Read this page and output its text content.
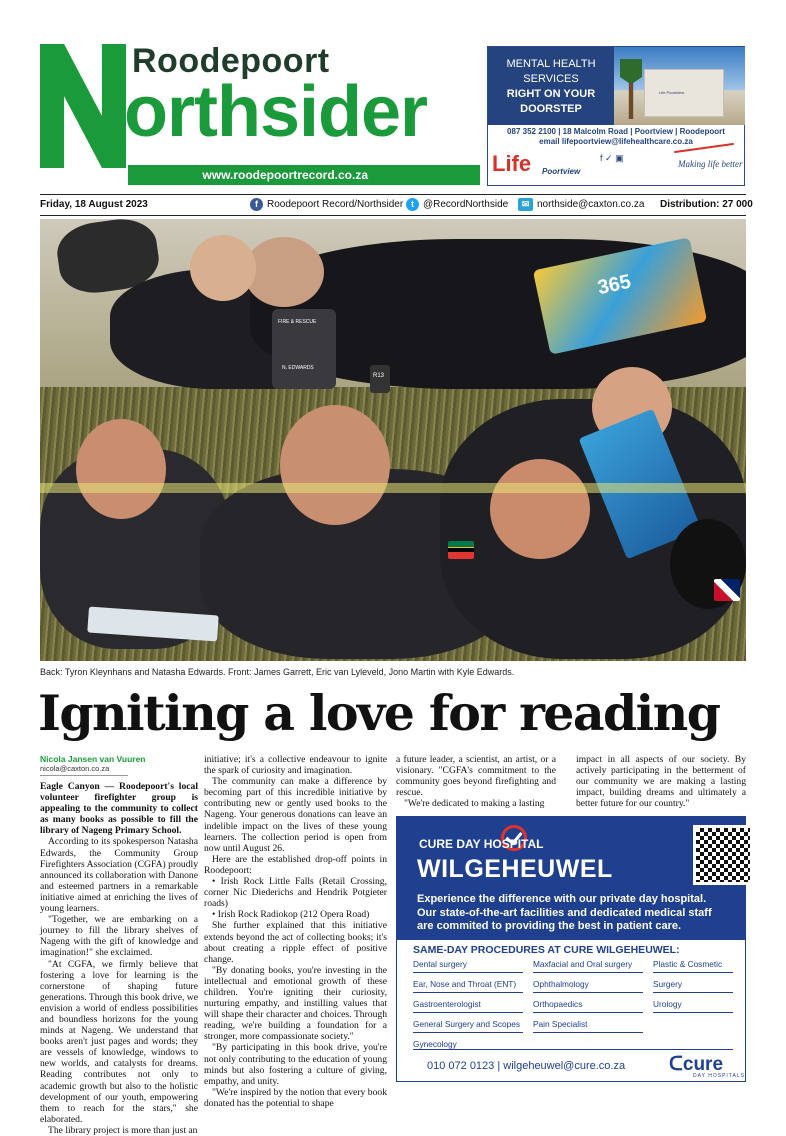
Roodepoort
orthsider
www.roodepoortrecord.co.za
MENTAL HEALTH
SERVICES
RIGHT ON YOUR
DOORSTEP
Life Poortview
087 352 2100 | 18 Malcolm Road | Poortview | Roodepoort
email lifepoortview@lifehealthcare.co.za
Life Poortview
f ✓ ▣
Making life better
Friday, 18 August 2023	f Roodepoort Record/Northsider t @RecordNorthside	✉ northside@caxton.co.za Distribution: 27 000
365
FIRE & RESCUE
N. EDWARDS
R13
Back: Tyron Kleynhans and Natasha Edwards. Front: James Garrett, Eric van Lyleveld, Jono Martin with Kyle Edwards.
Igniting a love for reading
Nicola Jansen van Vuuren
nicola@caxton.co.za

Eagle Canyon — Roodepoort's local volunteer firefighter group is appealing to the community to collect as many books as possible to fill the library of Nageng Primary School.

According to its spokesperson Natasha Edwards, the Community Group Firefighters Association (CGFA) proudly announced its collaboration with Danone and esteemed partners in a remarkable initiative aimed at enriching the lives of young learners.

"Together, we are embarking on a journey to fill the library shelves of Nageng with the gift of knowledge and imagination!" she exclaimed.

"At CGFA, we firmly believe that fostering a love for learning is the cornerstone of shaping future generations. Through this book drive, we envision a world of endless possibilities and boundless horizons for the young minds at Nageng. We understand that books aren't just pages and words; they are vessels of knowledge, windows to new worlds, and catalysts for dreams. Reading contributes not only to academic growth but also to the holistic development of our youth, empowering them to reach for the stars," she elaborated.

The library project is more than just an

initiative; it's a collective endeavour to ignite the spark of curiosity and imagination.

The community can make a difference by becoming part of this incredible initiative by contributing new or gently used books to the Nageng. Your generous donations can leave an indelible impact on the lives of these young learners. The collection period is open from now until August 26.

Here are the established drop-off points in Roodepoort:

• Irish Rock Little Falls (Retail Crossing, corner Nic Diederichs and Hendrik Potgieter roads)

• Irish Rock Radiokop (212 Opera Road)

She further explained that this initiative extends beyond the act of collecting books; it's about creating a ripple effect of positive change.

"By donating books, you're investing in the intellectual and emotional growth of these children. You're igniting their curiosity, nurturing empathy, and instilling values that will shape their character and choices. Through reading, we're building a foundation for a stronger, more compassionate society."

"By participating in this book drive, you're not only contributing to the education of young minds but also fostering a culture of giving, empathy, and unity.

"We're inspired by the notion that every book donated has the potential to shape

a future leader, a scientist, an artist, or a visionary. "CGFA's commitment to the community goes beyond firefighting and rescue.

"We're dedicated to making a lasting

impact in all aspects of our society. By actively participating in the betterment of our community we are making a lasting impact, building dreams and ultimately a better future for our country."

CURE DAY HOSPITAL
WILGEHEUWEL
Experience the difference with our private day hospital.
Our state-of-the-art facilities and dedicated medical staff
are commited to providing the best in patient care.
SAME-DAY PROCEDURES AT CURE WILGEHEUWEL:
Dental surgery	Maxfacial and Oral surgery	Plastic & Cosmetic
Ear, Nose and Throat (ENT)	Ophthalmology	Surgery
Gastroenterologist	Orthopaedics	Urology
General Surgery and Scopes	Pain Specialist
Gynecology
010 072 0123 | wilgeheuwel@cure.co.za ᑕcure
DAY HOSPITALS
